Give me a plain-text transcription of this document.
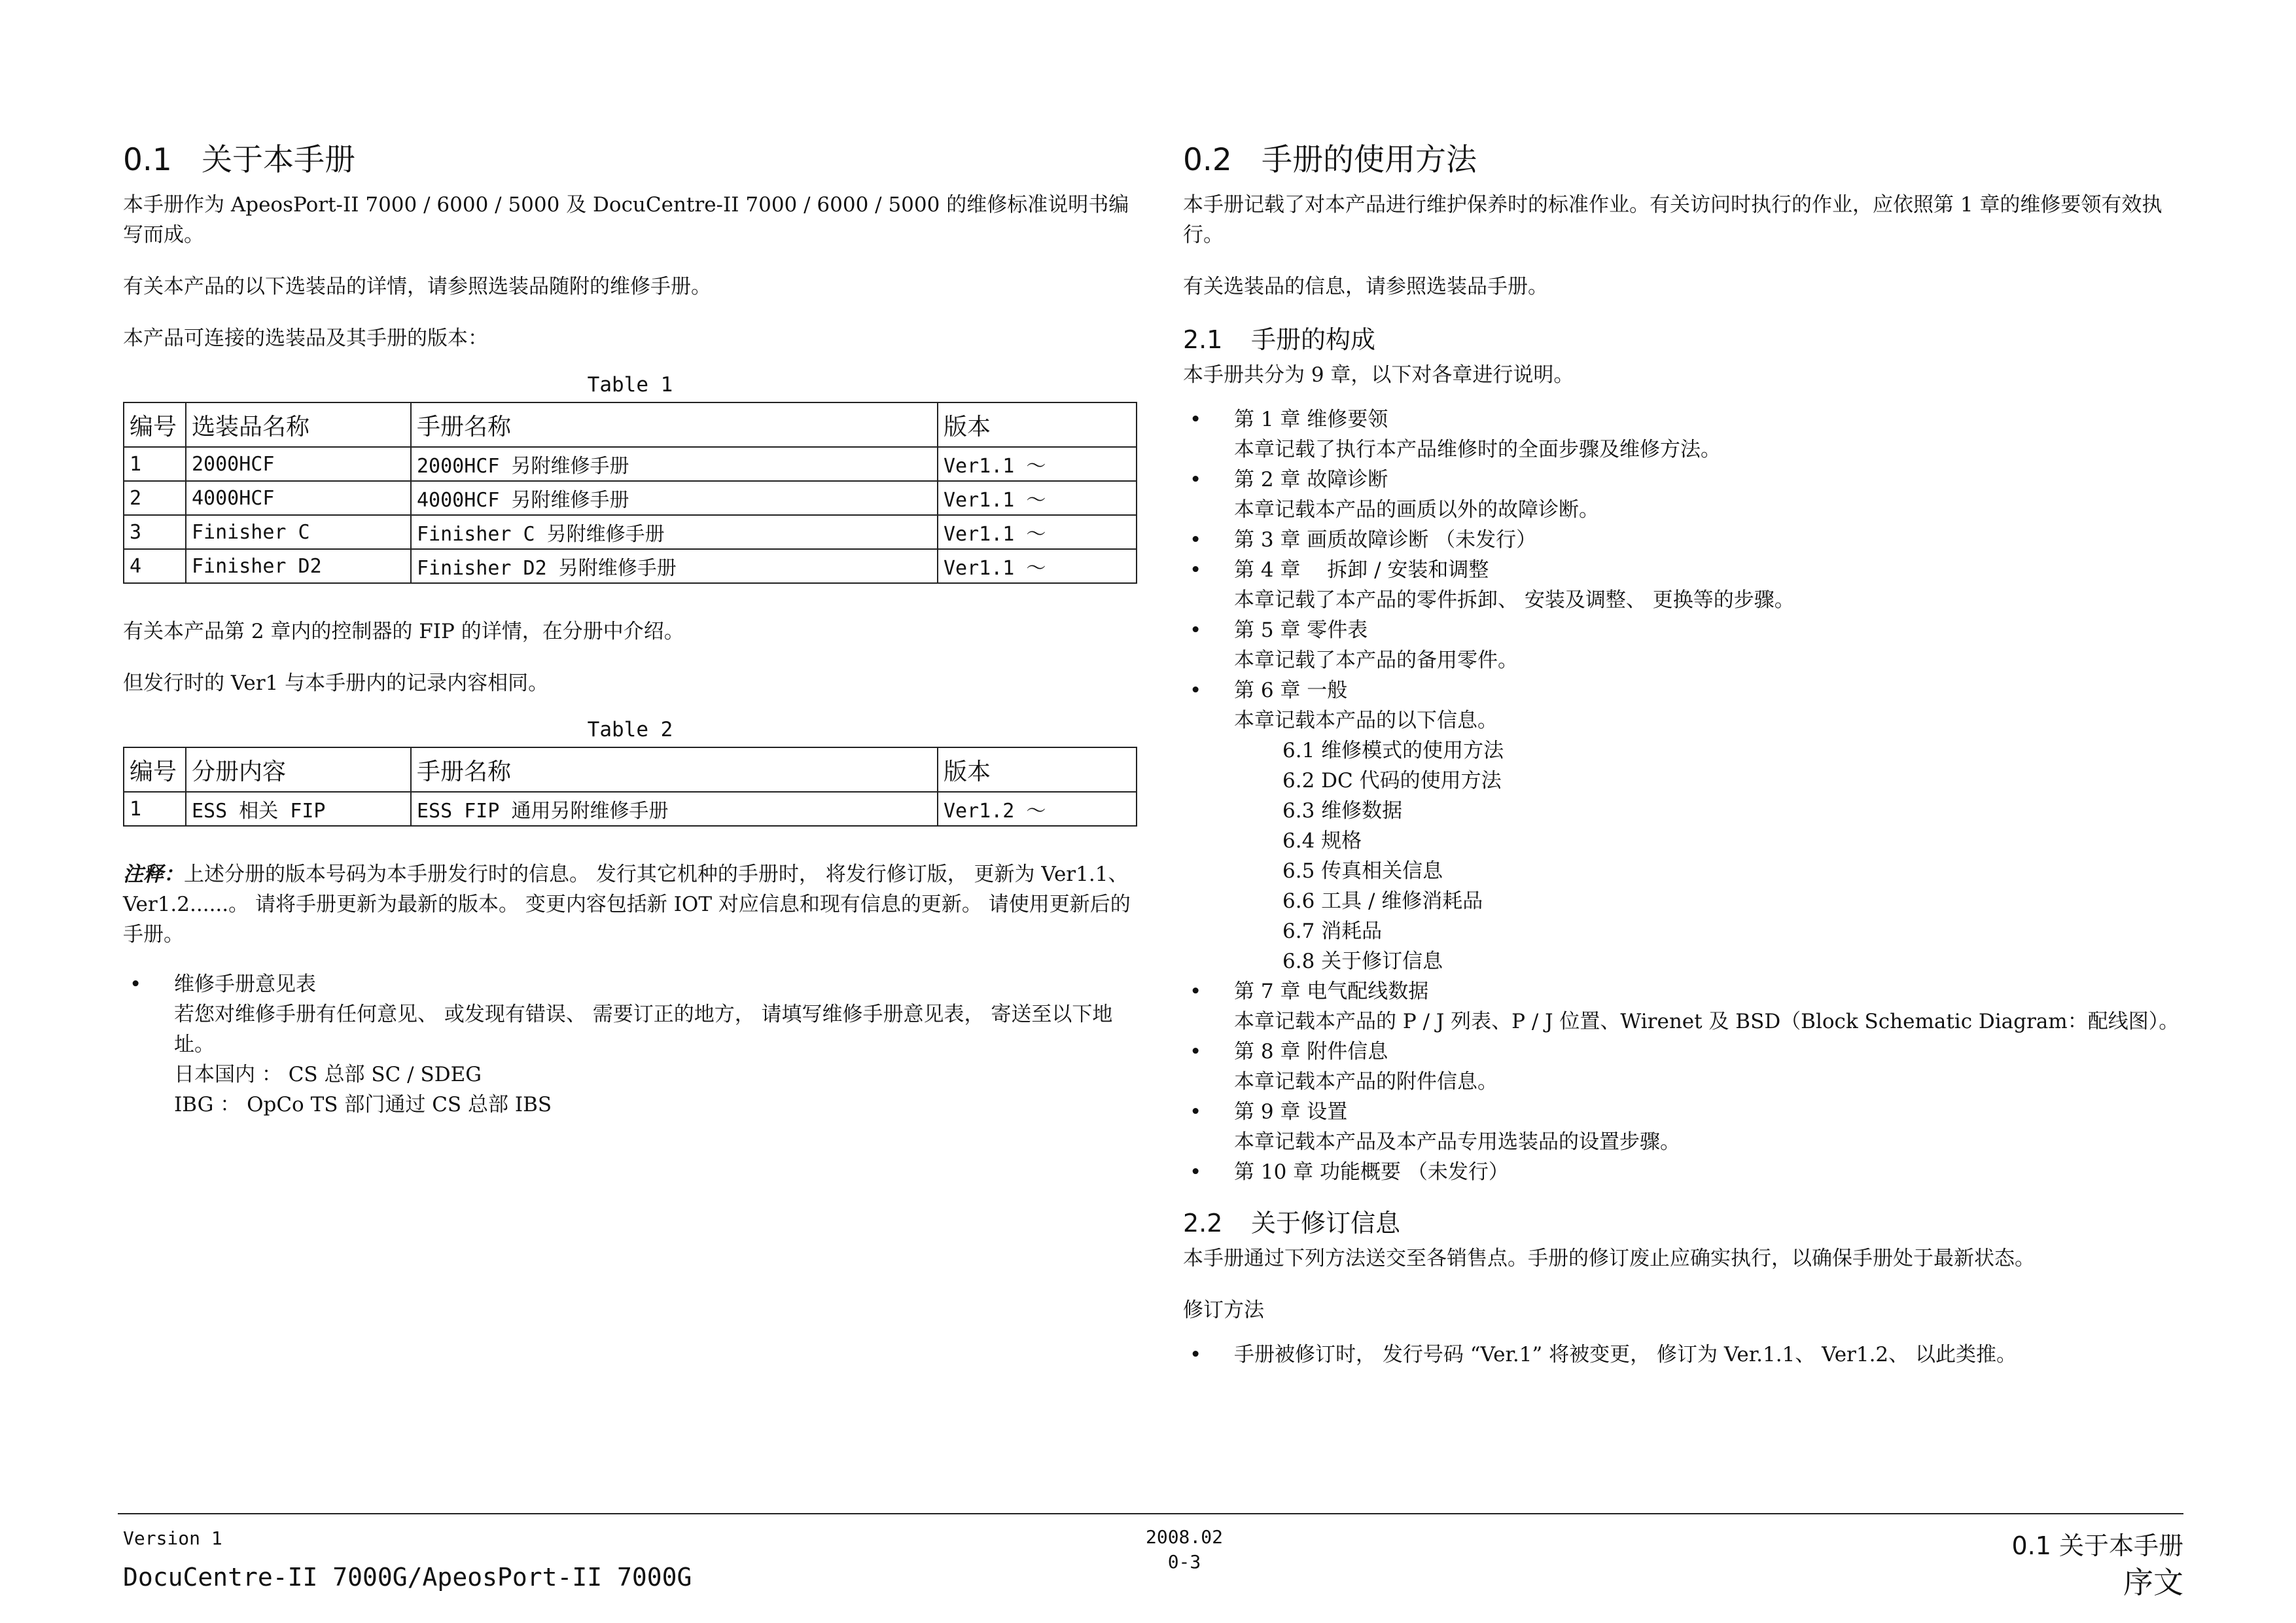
0.1 关于本手册

本手册作为 ApeosPort-II 7000 / 6000 / 5000 及 DocuCentre-II 7000 / 6000 / 5000 的维修标准说明书编写而成。

有关本产品的以下选装品的详情，请参照选装品随附的维修手册。

本产品可连接的选装品及其手册的版本：

Table 1
编号	选装品名称	手册名称	版本
1	2000HCF	2000HCF 另附维修手册	Ver1.1 ～
2	4000HCF	4000HCF 另附维修手册	Ver1.1 ～
3	Finisher C	Finisher C 另附维修手册	Ver1.1 ～
4	Finisher D2	Finisher D2 另附维修手册	Ver1.1 ～

有关本产品第 2 章内的控制器的 FIP 的详情，在分册中介绍。

但发行时的 Ver1 与本手册内的记录内容相同。

Table 2
编号	分册内容	手册名称	版本
1	ESS 相关 FIP	ESS FIP 通用另附维修手册	Ver1.2 ～
注释：上述分册的版本号码为本手册发行时的信息。 发行其它机种的手册时， 将发行修订版， 更新为 Ver1.1、Ver1.2......。 请将手册更新为最新的版本。 变更内容包括新 IOT 对应信息和现有信息的更新。 请使用更新后的手册。
• 维修手册意见表
若您对维修手册有任何意见、 或发现有错误、 需要订正的地方， 请填写维修手册意见表， 寄送至以下地址。
日本国内 ： CS 总部 SC / SDEG
IBG ： OpCo TS 部门通过 CS 总部 IBS
0.2 手册的使用方法

本手册记载了对本产品进行维护保养时的标准作业。有关访问时执行的作业，应依照第 1 章的维修要领有效执行。

有关选装品的信息，请参照选装品手册。

2.1 手册的构成

本手册共分为 9 章，以下对各章进行说明。

• 第 1 章 维修要领
本章记载了执行本产品维修时的全面步骤及维修方法。
• 第 2 章 故障诊断
本章记载本产品的画质以外的故障诊断。
• 第 3 章 画质故障诊断 （未发行）
• 第 4 章 　拆卸 / 安装和调整
本章记载了本产品的零件拆卸、 安装及调整、 更换等的步骤。
• 第 5 章 零件表
本章记载了本产品的备用零件。
• 第 6 章 一般
本章记载本产品的以下信息。
6.1 维修模式的使用方法
6.2 DC 代码的使用方法
6.3 维修数据
6.4 规格
6.5 传真相关信息
6.6 工具 / 维修消耗品
6.7 消耗品
6.8 关于修订信息
• 第 7 章 电气配线数据
本章记载本产品的 P / J 列表、P / J 位置、Wirenet 及 BSD（Block Schematic Diagram：配线图）。
• 第 8 章 附件信息
本章记载本产品的附件信息。
• 第 9 章 设置
本章记载本产品及本产品专用选装品的设置步骤。
• 第 10 章 功能概要 （未发行）
2.2 关于修订信息

本手册通过下列方法送交至各销售点。手册的修订废止应确实执行，以确保手册处于最新状态。

修订方法

• 手册被修订时， 发行号码 “Ver.1” 将被变更， 修订为 Ver.1.1、 Ver1.2、 以此类推。
Version 1
DocuCentre-II 7000G/ApeosPort-II 7000G
2008.02
0-3
0.1 关于本手册
序文
